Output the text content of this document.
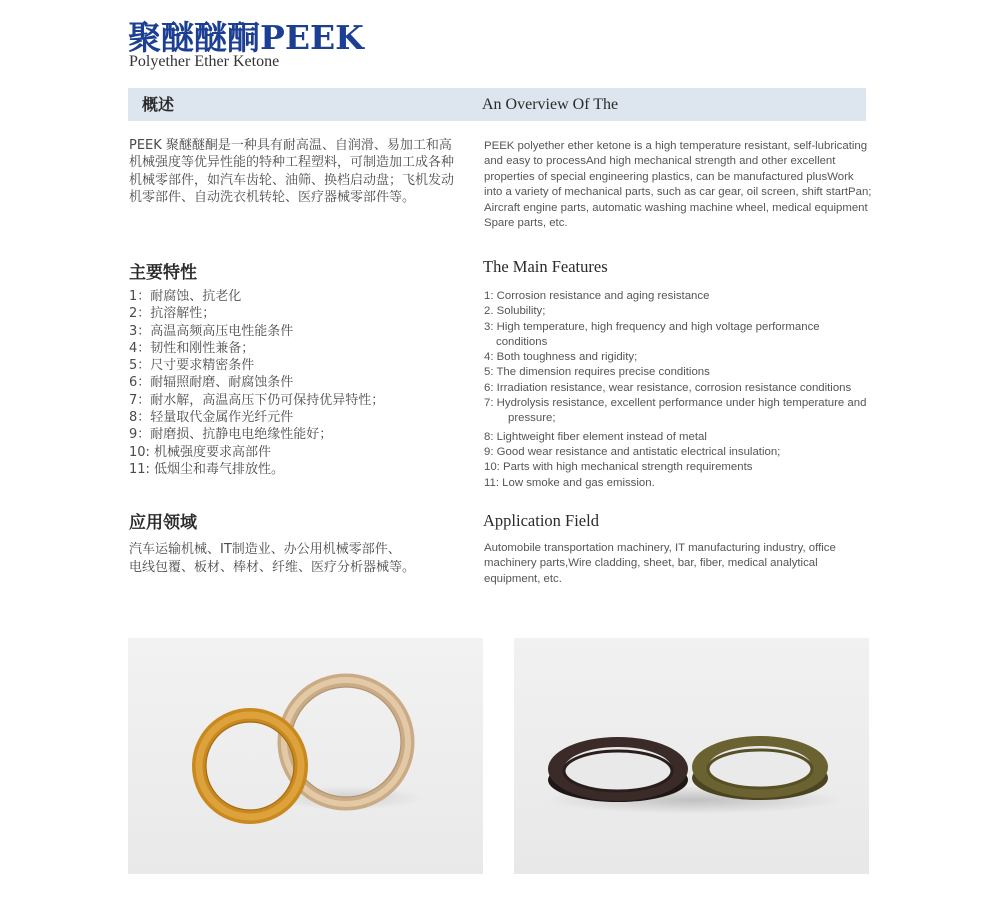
聚醚醚酮PEEK
Polyether Ether Ketone
概述	An Overview Of The
PEEK 聚醚醚酮是一种具有耐高温、自润滑、易加工和高机械强度等优异性能的特种工程塑料，可制造加工成各种机械零部件，如汽车齿轮、油筛、换档启动盘；飞机发动机零部件、自动洗衣机转轮、医疗器械零部件等。
PEEK polyether ether ketone is a high temperature resistant, self-lubricating and easy to processAnd high mechanical strength and other excellent properties of special engineering plastics, can be manufactured plusWork into a variety of mechanical parts, such as car gear, oil screen, shift startPan; Aircraft engine parts, automatic washing machine wheel, medical equipment Spare parts, etc.
主要特性	The Main Features
1：耐腐蚀、抗老化
2：抗溶解性；
3：高温高频高压电性能条件
4：韧性和刚性兼备；
5：尺寸要求精密条件
6：耐辐照耐磨、耐腐蚀条件
7：耐水解，高温高压下仍可保持优异特性；
8：轻量取代金属作光纤元件
9：耐磨损、抗静电电绝缘性能好；
10: 机械强度要求高部件
11: 低烟尘和毒气排放性。
1: Corrosion resistance and aging resistance
2. Solubility;
3: High temperature, high frequency and high voltage performance conditions
4: Both toughness and rigidity;
5: The dimension requires precise conditions
6: Irradiation resistance, wear resistance, corrosion resistance conditions
7: Hydrolysis resistance, excellent performance under high temperature and
pressure;
8: Lightweight fiber element instead of metal
9: Good wear resistance and antistatic electrical insulation;
10: Parts with high mechanical strength requirements
11: Low smoke and gas emission.
应用领域	Application Field
汽车运输机械、IT制造业、办公用机械零部件、
电线包覆、板材、棒材、纤维、医疗分析器械等。
Automobile transportation machinery, IT manufacturing industry, office machinery parts,Wire cladding, sheet, bar, fiber, medical analytical equipment, etc.
